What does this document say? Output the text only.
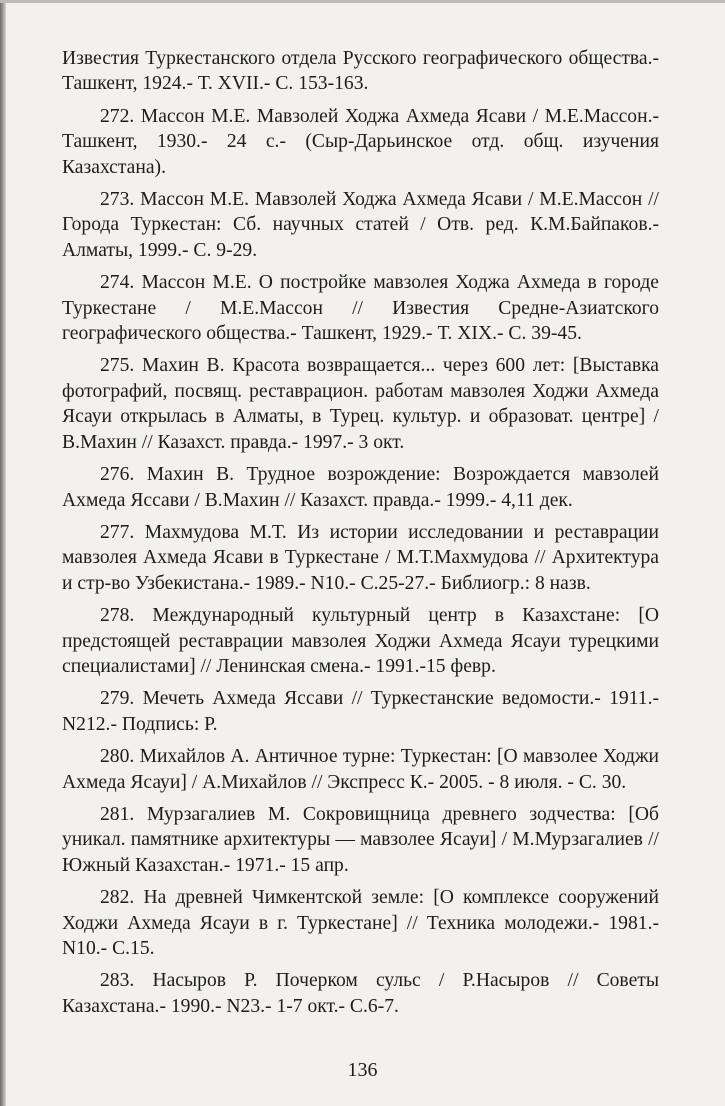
Известия Туркестанского отдела Русского географического общества.- Ташкент, 1924.- Т. XVII.- С. 153-163.

272. Массон М.Е. Мавзолей Ходжа Ахмеда Ясави / М.Е.Массон.- Ташкент, 1930.- 24 с.- (Сыр-Дарьинское отд. общ. изучения Казахстана).

273. Массон М.Е. Мавзолей Ходжа Ахмеда Ясави / М.Е.Массон // Города Туркестан: Сб. научных статей / Отв. ред. К.М.Байпаков.- Алматы, 1999.- С. 9-29.

274. Массон М.Е. О постройке мавзолея Ходжа Ахмеда в городе Туркестане / М.Е.Массон // Известия Средне-Азиатского географического общества.- Ташкент, 1929.- Т. XIX.- С. 39-45.

275. Махин В. Красота возвращается... через 600 лет: [Выставка фотографий, посвящ. реставрацион. работам мавзолея Ходжи Ахмеда Ясауи открылась в Алматы, в Турец. культур. и образоват. центре] / В.Махин // Казахст. правда.- 1997.- 3 окт.

276. Махин В. Трудное возрождение: Возрождается мавзолей Ахмеда Яссави / В.Махин // Казахст. правда.- 1999.- 4,11 дек.

277. Махмудова М.Т. Из истории исследовании и реставрации мавзолея Ахмеда Ясави в Туркестане / М.Т.Махмудова // Архитектура и стр-во Узбекистана.- 1989.- N10.- С.25-27.- Библиогр.: 8 назв.

278. Международный культурный центр в Казахстане: [О предстоящей реставрации мавзолея Ходжи Ахмеда Ясауи турецкими специалистами] // Ленинская смена.- 1991.-15 февр.

279. Мечеть Ахмеда Яссави // Туркестанские ведомости.- 1911.- N212.- Подпись: Р.

280. Михайлов А. Античное турне: Туркестан: [О мавзолее Ходжи Ахмеда Ясауи] / А.Михайлов // Экспресс К.- 2005. - 8 июля. - С. 30.

281. Мурзагалиев М. Сокровищница древнего зодчества: [Об уникал. памятнике архитектуры — мавзолее Ясауи] / М.Мурзагалиев // Южный Казахстан.- 1971.- 15 апр.

282. На древней Чимкентской земле: [О комплексе сооружений Ходжи Ахмеда Ясауи в г. Туркестане] // Техника молодежи.- 1981.- N10.- С.15.

283. Насыров Р. Почерком сульс / Р.Насыров // Советы Казахстана.- 1990.- N23.- 1-7 окт.- С.6-7.

136
